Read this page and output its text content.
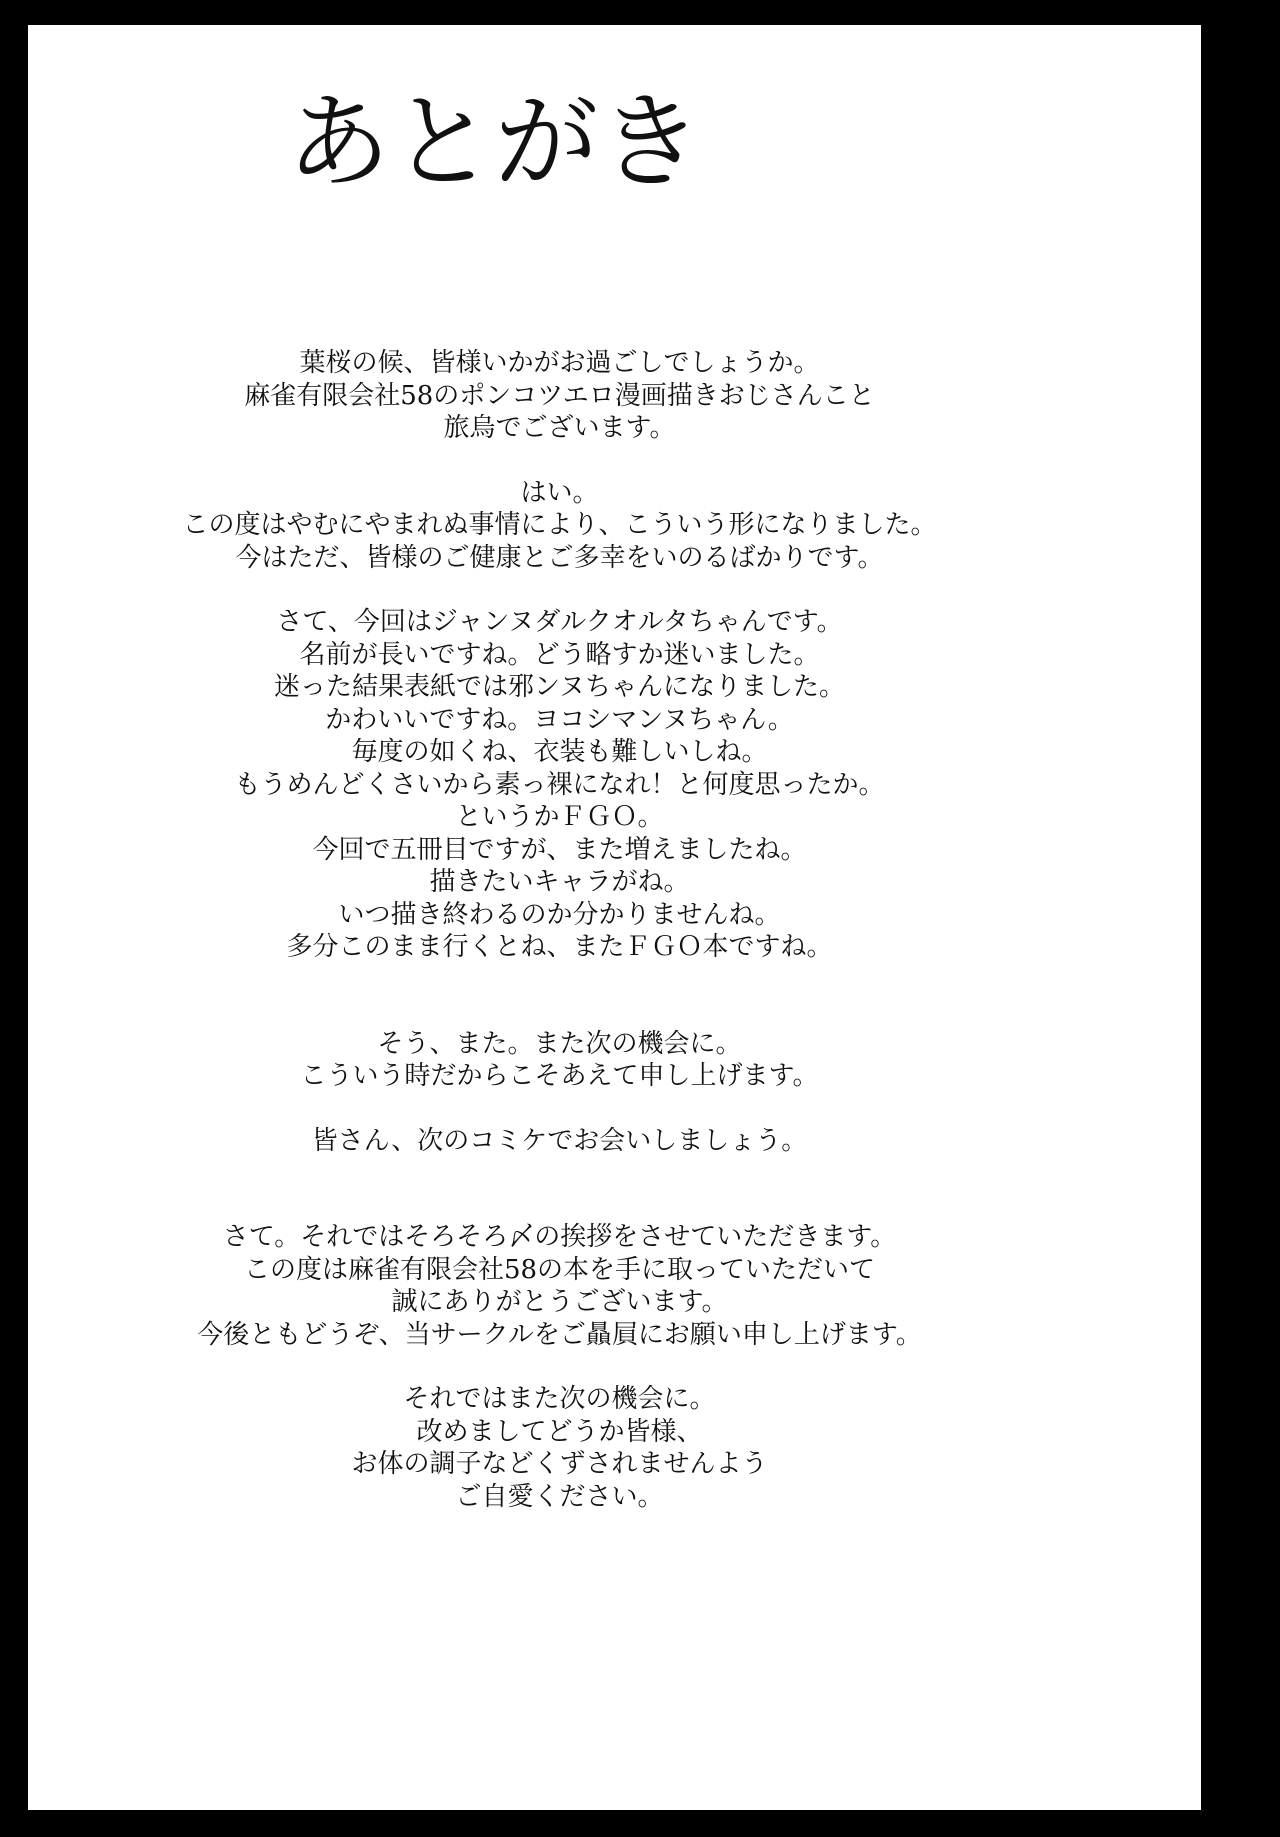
あとがき
葉桜の候、皆様いかがお過ごしでしょうか。
麻雀有限会社58のポンコツエロ漫画描きおじさんこと
旅烏でございます。
はい。
この度はやむにやまれぬ事情により、こういう形になりました。
今はただ、皆様のご健康とご多幸をいのるばかりです。
さて、今回はジャンヌダルクオルタちゃんです。
名前が長いですね。どう略すか迷いました。
迷った結果表紙では邪ンヌちゃんになりました。
かわいいですね。ヨコシマンヌちゃん。
毎度の如くね、衣装も難しいしね。
もうめんどくさいから素っ裸になれ！と何度思ったか。
というかＦＧＯ。
今回で五冊目ですが、また増えましたね。
描きたいキャラがね。
いつ描き終わるのか分かりませんね。
多分このまま行くとね、またＦＧＯ本ですね。
そう、また。また次の機会に。
こういう時だからこそあえて申し上げます。
皆さん、次のコミケでお会いしましょう。
さて。それではそろそろ〆の挨拶をさせていただきます。
この度は麻雀有限会社58の本を手に取っていただいて
誠にありがとうございます。
今後ともどうぞ、当サークルをご贔屓にお願い申し上げます。
それではまた次の機会に。
改めましてどうか皆様、
お体の調子などくずされませんよう
ご自愛ください。
